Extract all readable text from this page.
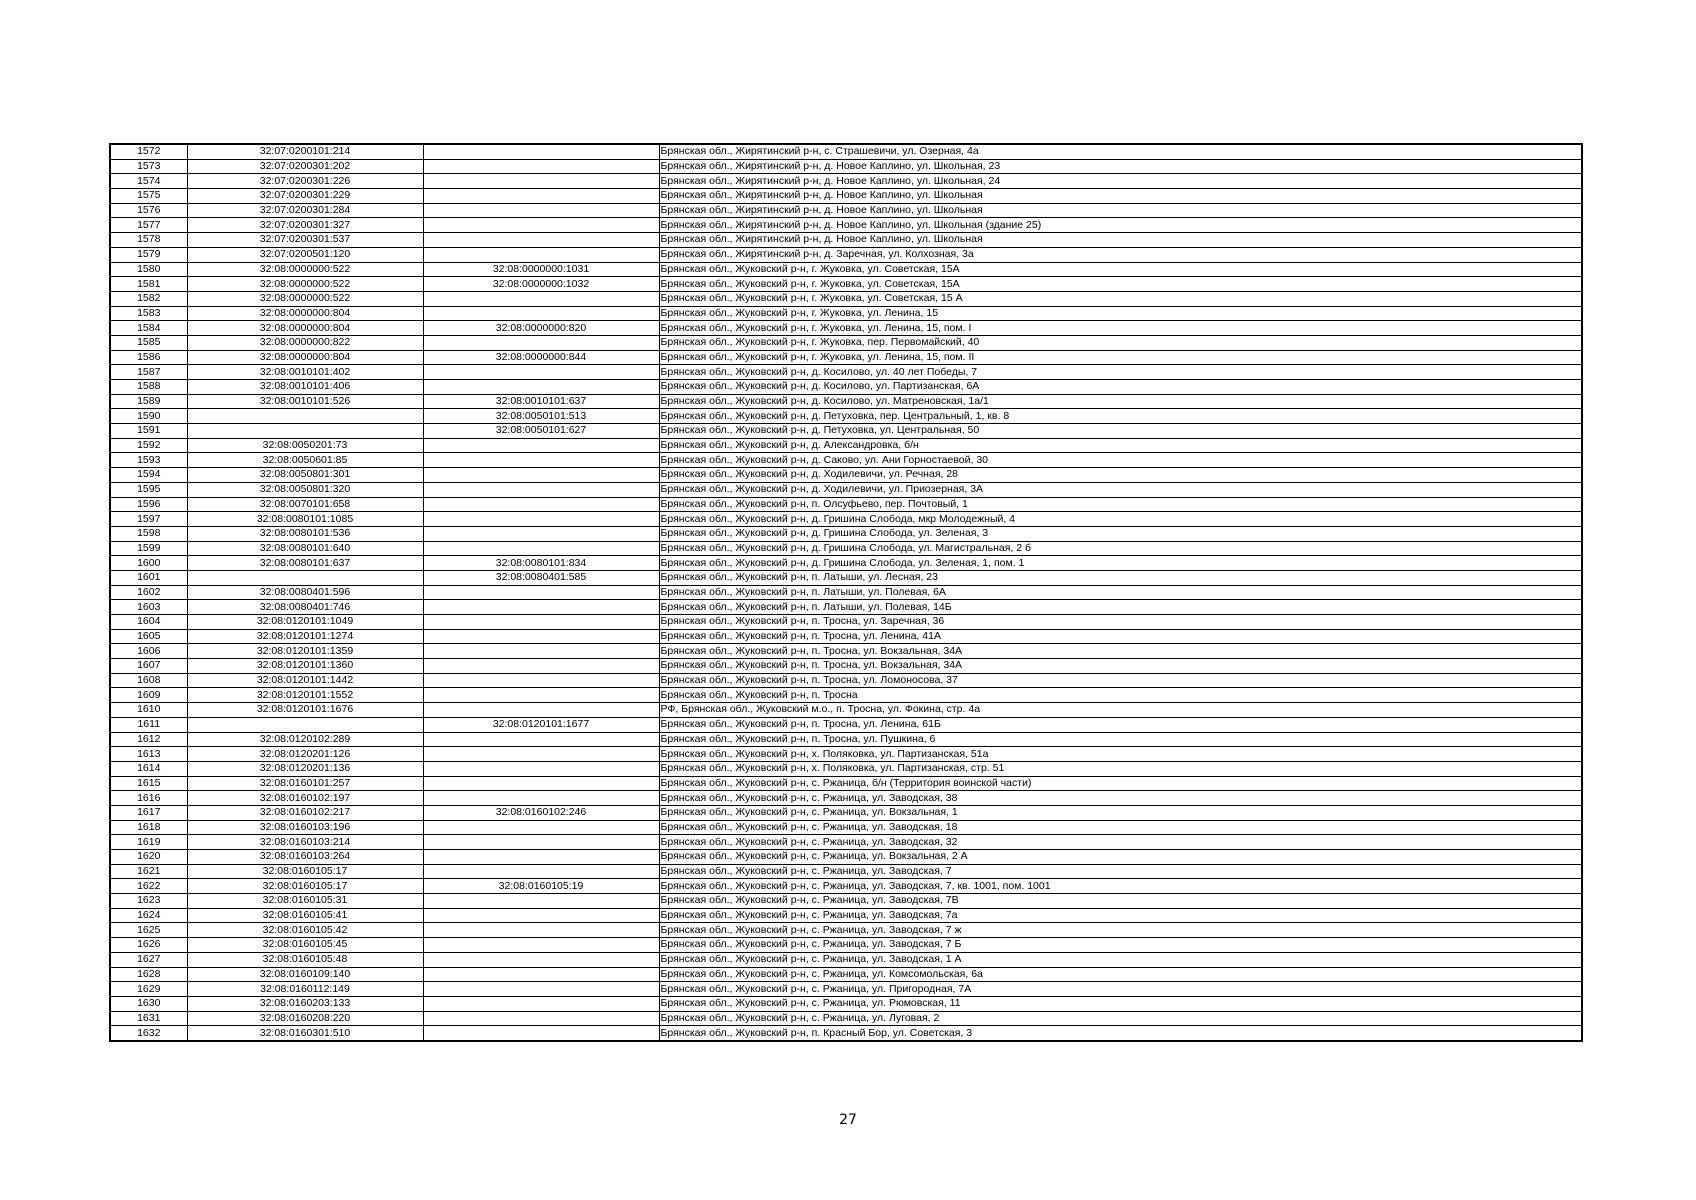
1572	32:07:0200101:214		Брянская обл., Жирятинский р-н, с. Страшевичи, ул. Озерная, 4а
1573	32:07:0200301:202		Брянская обл., Жирятинский р-н, д. Новое Каплино, ул. Школьная, 23
1574	32:07:0200301:226		Брянская обл., Жирятинский р-н, д. Новое Каплино, ул. Школьная, 24
1575	32:07:0200301:229		Брянская обл., Жирятинский р-н, д. Новое Каплино, ул. Школьная
1576	32:07:0200301:284		Брянская обл., Жирятинский р-н, д. Новое Каплино, ул. Школьная
1577	32:07:0200301:327		Брянская обл., Жирятинский р-н, д. Новое Каплино, ул. Школьная (здание 25)
1578	32:07:0200301:537		Брянская обл., Жирятинский р-н, д. Новое Каплино, ул. Школьная
1579	32:07:0200501:120		Брянская обл., Жирятинский р-н, д. Заречная, ул. Колхозная, 3а
1580	32:08:0000000:522	32:08:0000000:1031	Брянская обл., Жуковский р-н, г. Жуковка, ул. Советская, 15А
1581	32:08:0000000:522	32:08:0000000:1032	Брянская обл., Жуковский р-н, г. Жуковка, ул. Советская, 15А
1582	32:08:0000000:522		Брянская обл., Жуковский р-н, г. Жуковка, ул. Советская, 15 А
1583	32:08:0000000:804		Брянская обл., Жуковский р-н, г. Жуковка, ул. Ленина, 15
1584	32:08:0000000:804	32:08:0000000:820	Брянская обл., Жуковский р-н, г. Жуковка, ул. Ленина, 15, пом. I
1585	32:08:0000000:822		Брянская обл., Жуковский р-н, г. Жуковка, пер. Первомайский, 40
1586	32:08:0000000:804	32:08:0000000:844	Брянская обл., Жуковский р-н, г. Жуковка, ул. Ленина, 15, пом. II
1587	32:08:0010101:402		Брянская обл., Жуковский р-н, д. Косилово, ул. 40 лет Победы, 7
1588	32:08:0010101:406		Брянская обл., Жуковский р-н, д. Косилово, ул. Партизанская, 6А
1589	32:08:0010101:526	32:08:0010101:637	Брянская обл., Жуковский р-н, д. Косилово, ул. Матреновская, 1а/1
1590		32:08:0050101:513	Брянская обл., Жуковский р-н, д. Петуховка, пер. Центральный, 1, кв. 8
1591		32:08:0050101:627	Брянская обл., Жуковский р-н, д. Петуховка, ул. Центральная, 50
1592	32:08:0050201:73		Брянская обл., Жуковский р-н, д. Александровка, б/н
1593	32:08:0050601:85		Брянская обл., Жуковский р-н, д. Саково, ул. Ани Горностаевой, 30
1594	32:08:0050801:301		Брянская обл., Жуковский р-н, д. Ходилевичи, ул. Речная, 28
1595	32:08:0050801:320		Брянская обл., Жуковский р-н, д. Ходилевичи, ул. Приозерная, 3А
1596	32:08:0070101:658		Брянская обл., Жуковский р-н, п. Олсуфьево, пер. Почтовый, 1
1597	32:08:0080101:1085		Брянская обл., Жуковский р-н, д. Гришина Слобода, мкр Молодежный, 4
1598	32:08:0080101:536		Брянская обл., Жуковский р-н, д. Гришина Слобода, ул. Зеленая, 3
1599	32:08:0080101:640		Брянская обл., Жуковский р-н, д. Гришина Слобода, ул. Магистральная, 2 б
1600	32:08:0080101:637	32:08:0080101:834	Брянская обл., Жуковский р-н, д. Гришина Слобода, ул. Зеленая, 1, пом. 1
1601		32:08:0080401:585	Брянская обл., Жуковский р-н, п. Латыши, ул. Лесная, 23
1602	32:08:0080401:596		Брянская обл., Жуковский р-н, п. Латыши, ул. Полевая, 6А
1603	32:08:0080401:746		Брянская обл., Жуковский р-н, п. Латыши, ул. Полевая, 14Б
1604	32:08:0120101:1049		Брянская обл., Жуковский р-н, п. Тросна, ул. Заречная, 36
1605	32:08:0120101:1274		Брянская обл., Жуковский р-н, п. Тросна, ул. Ленина, 41А
1606	32:08:0120101:1359		Брянская обл., Жуковский р-н, п. Тросна, ул. Вокзальная, 34А
1607	32:08:0120101:1360		Брянская обл., Жуковский р-н, п. Тросна, ул. Вокзальная, 34А
1608	32:08:0120101:1442		Брянская обл., Жуковский р-н, п. Тросна, ул. Ломоносова, 37
1609	32:08:0120101:1552		Брянская обл., Жуковский р-н, п. Тросна
1610	32:08:0120101:1676		РФ, Брянская обл., Жуковский м.о., п. Тросна, ул. Фокина, стр. 4а
1611		32:08:0120101:1677	Брянская обл., Жуковский р-н, п. Тросна, ул. Ленина, 61Б
1612	32:08:0120102:289		Брянская обл., Жуковский р-н, п. Тросна, ул. Пушкина, 6
1613	32:08:0120201:126		Брянская обл., Жуковский р-н, х. Поляковка, ул. Партизанская, 51а
1614	32:08:0120201:136		Брянская обл., Жуковский р-н, х. Поляковка, ул. Партизанская, стр. 51
1615	32:08:0160101:257		Брянская обл., Жуковский р-н, с. Ржаница, б/н (Территория воинской части)
1616	32:08:0160102:197		Брянская обл., Жуковский р-н, с. Ржаница, ул. Заводская, 38
1617	32:08:0160102:217	32:08:0160102:246	Брянская обл., Жуковский р-н, с. Ржаница, ул. Вокзальная, 1
1618	32:08:0160103:196		Брянская обл., Жуковский р-н, с. Ржаница, ул. Заводская, 18
1619	32:08:0160103:214		Брянская обл., Жуковский р-н, с. Ржаница, ул. Заводская, 32
1620	32:08:0160103:264		Брянская обл., Жуковский р-н, с. Ржаница, ул. Вокзальная, 2 А
1621	32:08:0160105:17		Брянская обл., Жуковский р-н, с. Ржаница, ул. Заводская, 7
1622	32:08:0160105:17	32:08:0160105:19	Брянская обл., Жуковский р-н, с. Ржаница, ул. Заводская, 7, кв. 1001, пом. 1001
1623	32:08:0160105:31		Брянская обл., Жуковский р-н, с. Ржаница, ул. Заводская, 7В
1624	32:08:0160105:41		Брянская обл., Жуковский р-н, с. Ржаница, ул. Заводская, 7а
1625	32:08:0160105:42		Брянская обл., Жуковский р-н, с. Ржаница, ул. Заводская, 7 ж
1626	32:08:0160105:45		Брянская обл., Жуковский р-н, с. Ржаница, ул. Заводская, 7 Б
1627	32:08:0160105:48		Брянская обл., Жуковский р-н, с. Ржаница, ул. Заводская, 1 А
1628	32:08:0160109:140		Брянская обл., Жуковский р-н, с. Ржаница, ул. Комсомольская, 6а
1629	32:08:0160112:149		Брянская обл., Жуковский р-н, с. Ржаница, ул. Пригородная, 7А
1630	32:08:0160203:133		Брянская обл., Жуковский р-н, с. Ржаница, ул. Рюмовская, 11
1631	32:08:0160208:220		Брянская обл., Жуковский р-н, с. Ржаница, ул. Луговая, 2
1632	32:08:0160301:510		Брянская обл., Жуковский р-н, п. Красный Бор, ул. Советская, 3
27
